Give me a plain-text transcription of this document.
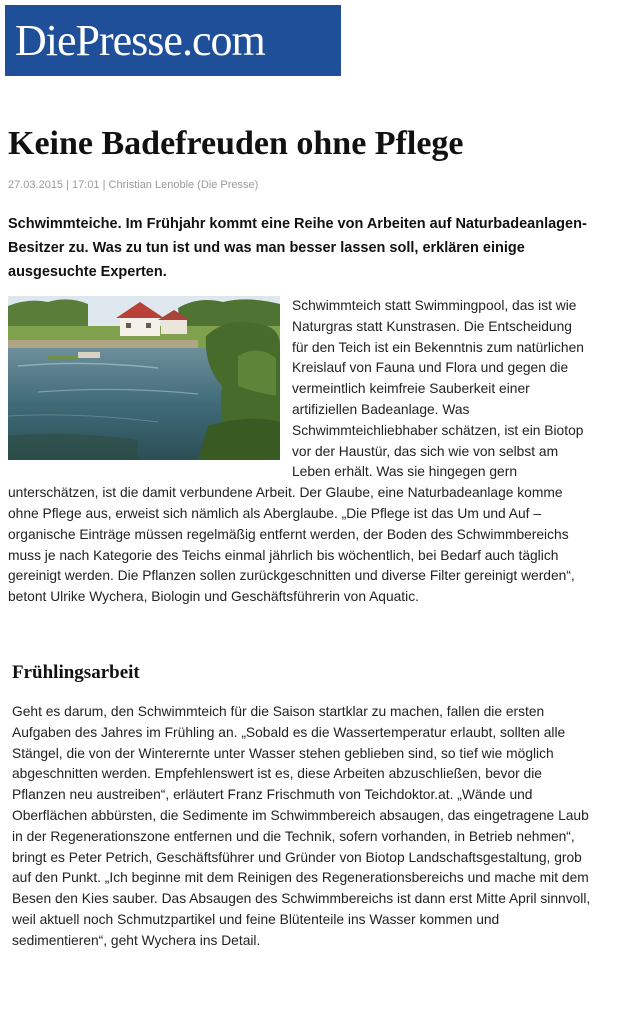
DiePresse.com
Keine Badefreuden ohne Pflege
27.03.2015 | 17:01 | Christian Lenoble (Die Presse)

Schwimmteiche. Im Frühjahr kommt eine Reihe von Arbeiten auf Naturbadeanlagen-Besitzer zu. Was zu tun ist und was man besser lassen soll, erklären einige ausgesuchte Experten.

Schwimmteich statt Swimmingpool, das ist wie Naturgras statt Kunstrasen. Die Entscheidung für den Teich ist ein Bekenntnis zum natürlichen Kreislauf von Fauna und Flora und gegen die vermeintlich keimfreie Sauberkeit einer artifiziellen Badeanlage. Was Schwimmteichliebhaber schätzen, ist ein Biotop vor der Haustür, das sich wie von selbst am Leben erhält. Was sie hingegen gern unterschätzen, ist die damit verbundene Arbeit. Der Glaube, eine Naturbadeanlage komme ohne Pflege aus, erweist sich nämlich als Aberglaube. „Die Pflege ist das Um und Auf – organische Einträge müssen regelmäßig entfernt werden, der Boden des Schwimmbereichs muss je nach Kategorie des Teichs einmal jährlich bis wöchentlich, bei Bedarf auch täglich gereinigt werden. Die Pflanzen sollen zurückgeschnitten und diverse Filter gereinigt werden“, betont Ulrike Wychera, Biologin und Geschäftsführerin von Aquatic.
Frühlingsarbeit

Geht es darum, den Schwimmteich für die Saison startklar zu machen, fallen die ersten Aufgaben des Jahres im Frühling an. „Sobald es die Wassertemperatur erlaubt, sollten alle Stängel, die von der Winterernte unter Wasser stehen geblieben sind, so tief wie möglich abgeschnitten werden. Empfehlenswert ist es, diese Arbeiten abzuschließen, bevor die Pflanzen neu austreiben“, erläutert Franz Frischmuth von Teichdoktor.at. „Wände und Oberflächen abbürsten, die Sedimente im Schwimmbereich absaugen, das eingetragene Laub in der Regenerationszone entfernen und die Technik, sofern vorhanden, in Betrieb nehmen“, bringt es Peter Petrich, Geschäftsführer und Gründer von Biotop Landschaftsgestaltung, grob auf den Punkt. „Ich beginne mit dem Reinigen des Regenerationsbereichs und mache mit dem Besen den Kies sauber. Das Absaugen des Schwimmbereichs ist dann erst Mitte April sinnvoll, weil aktuell noch Schmutzpartikel und feine Blütenteile ins Wasser kommen und sedimentieren“, geht Wychera ins Detail.
